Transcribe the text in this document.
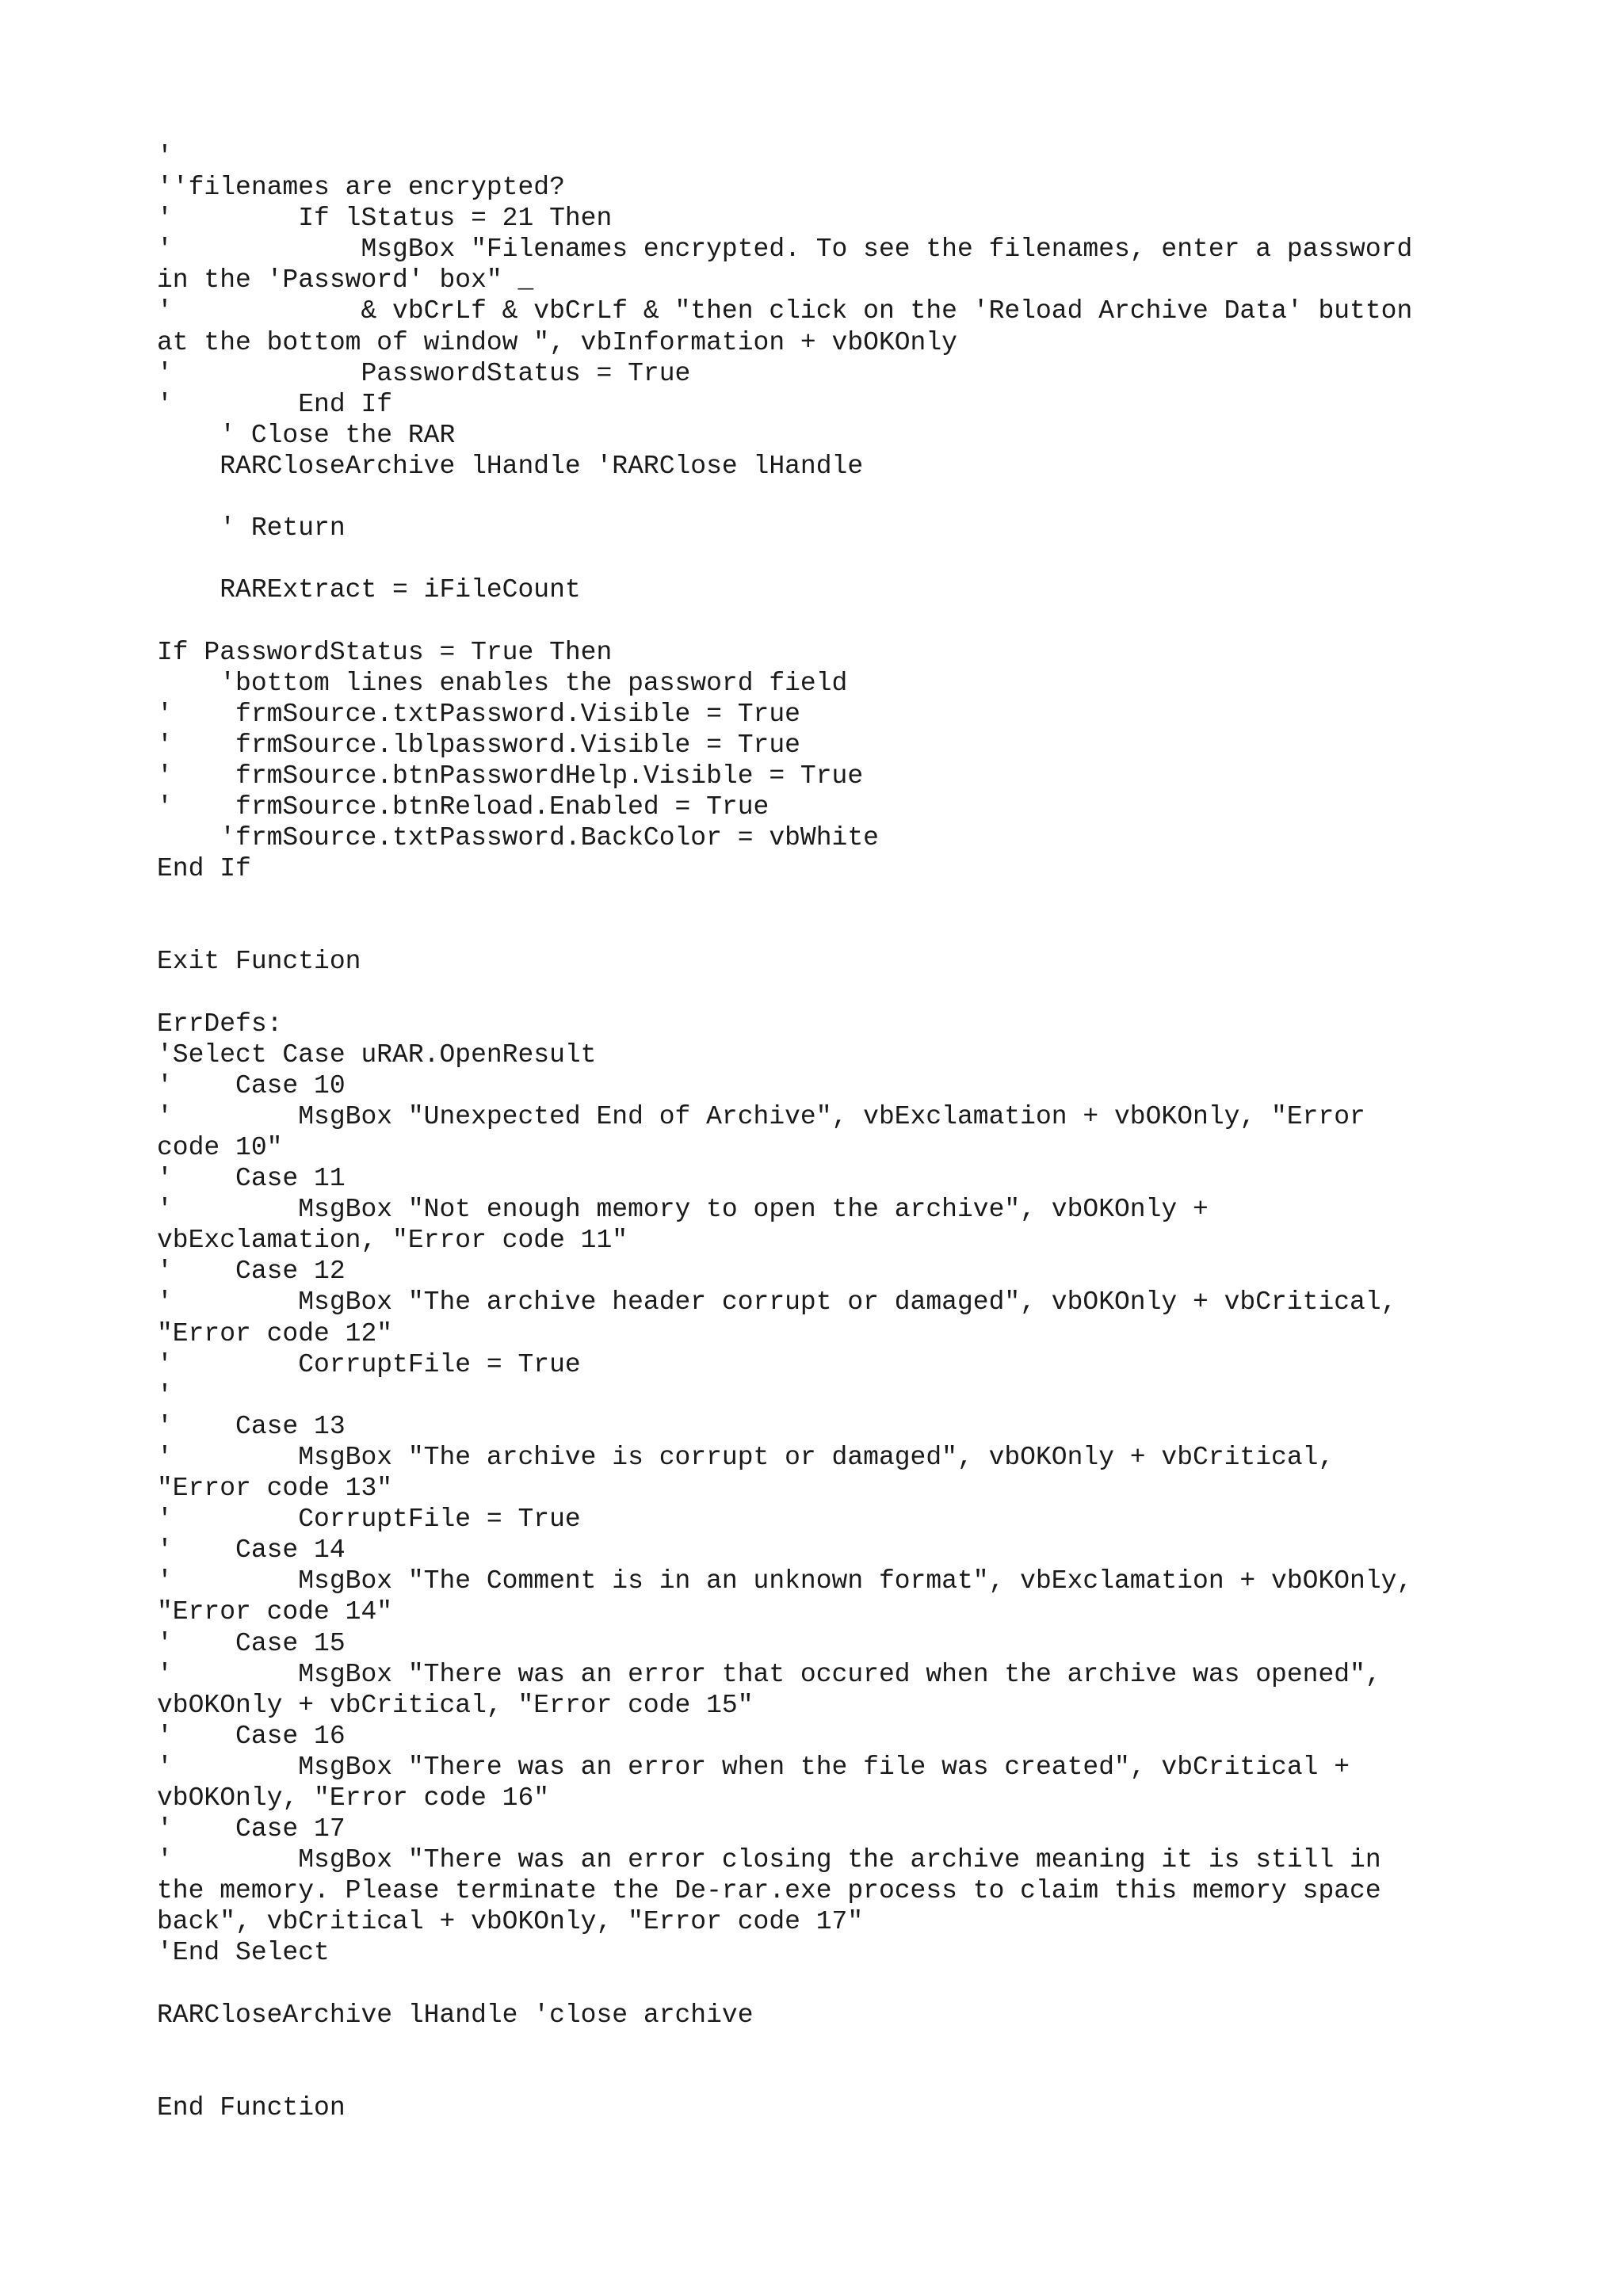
'
''filenames are encrypted?
'        If lStatus = 21 Then
'            MsgBox "Filenames encrypted. To see the filenames, enter a password
in the 'Password' box" _
'            & vbCrLf & vbCrLf & "then click on the 'Reload Archive Data' button
at the bottom of window ", vbInformation + vbOKOnly
'            PasswordStatus = True
'        End If
' Close the RAR
RARCloseArchive lHandle 'RARClose lHandle
' Return
RARExtract = iFileCount
If PasswordStatus = True Then
'bottom lines enables the password field
'    frmSource.txtPassword.Visible = True
'    frmSource.lblpassword.Visible = True
'    frmSource.btnPasswordHelp.Visible = True
'    frmSource.btnReload.Enabled = True
'frmSource.txtPassword.BackColor = vbWhite
End If
Exit Function
ErrDefs:
'Select Case uRAR.OpenResult
'    Case 10
'        MsgBox "Unexpected End of Archive", vbExclamation + vbOKOnly, "Error
code 10"
'    Case 11
'        MsgBox "Not enough memory to open the archive", vbOKOnly +
vbExclamation, "Error code 11"
'    Case 12
'        MsgBox "The archive header corrupt or damaged", vbOKOnly + vbCritical,
"Error code 12"
'        CorruptFile = True
'
'    Case 13
'        MsgBox "The archive is corrupt or damaged", vbOKOnly + vbCritical,
"Error code 13"
'        CorruptFile = True
'    Case 14
'        MsgBox "The Comment is in an unknown format", vbExclamation + vbOKOnly,
"Error code 14"
'    Case 15
'        MsgBox "There was an error that occured when the archive was opened",
vbOKOnly + vbCritical, "Error code 15"
'    Case 16
'        MsgBox "There was an error when the file was created", vbCritical +
vbOKOnly, "Error code 16"
'    Case 17
'        MsgBox "There was an error closing the archive meaning it is still in
the memory. Please terminate the De-rar.exe process to claim this memory space
back", vbCritical + vbOKOnly, "Error code 17"
'End Select
RARCloseArchive lHandle 'close archive
End Function
